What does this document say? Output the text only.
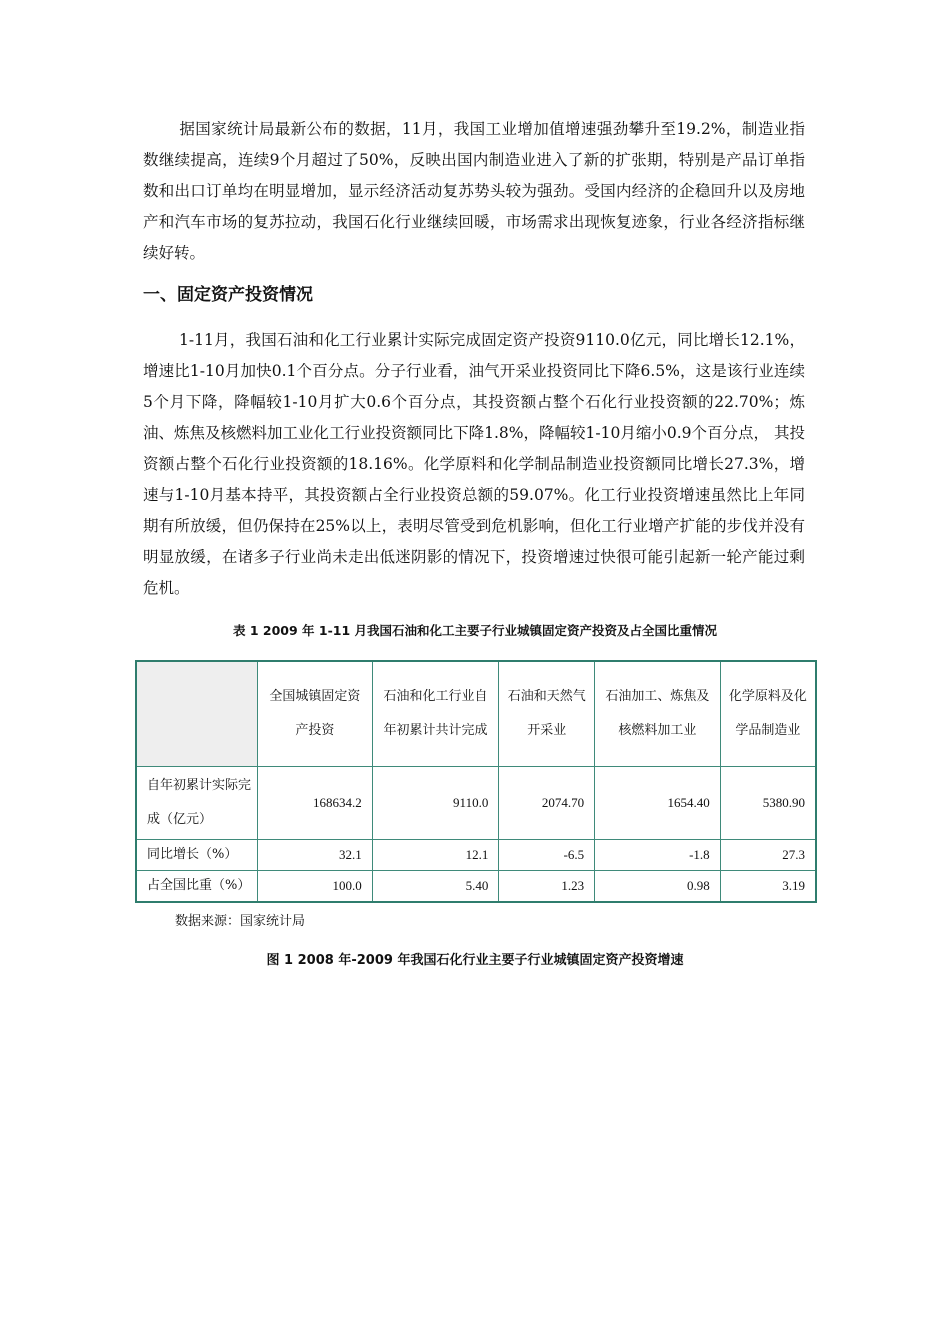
据国家统计局最新公布的数据，11月，我国工业增加值增速强劲攀升至19.2%，制造业指数继续提高，连续9个月超过了50%，反映出国内制造业进入了新的扩张期，特别是产品订单指数和出口订单均在明显增加，显示经济活动复苏势头较为强劲。受国内经济的企稳回升以及房地产和汽车市场的复苏拉动，我国石化行业继续回暖，市场需求出现恢复迹象，行业各经济指标继续好转。

一、固定资产投资情况

1-11月，我国石油和化工行业累计实际完成固定资产投资9110.0亿元，同比增长12.1%，增速比1-10月加快0.1个百分点。分子行业看，油气开采业投资同比下降6.5%，这是该行业连续5个月下降，降幅较1-10月扩大0.6个百分点，其投资额占整个石化行业投资额的22.70%；炼油、炼焦及核燃料加工业化工行业投资额同比下降1.8%，降幅较1-10月缩小0.9个百分点， 其投资额占整个石化行业投资额的18.16%。化学原料和化学制品制造业投资额同比增长27.3%，增速与1-10月基本持平，其投资额占全行业投资总额的59.07%。化工行业投资增速虽然比上年同期有所放缓，但仍保持在25%以上，表明尽管受到危机影响，但化工行业增产扩能的步伐并没有明显放缓，在诸多子行业尚未走出低迷阴影的情况下，投资增速过快很可能引起新一轮产能过剩危机。

表 1 2009 年 1-11 月我国石油和化工主要子行业城镇固定资产投资及占全国比重情况

	全国城镇固定资产投资	石油和化工行业自年初累计共计完成	石油和天然气开采业	石油加工、炼焦及核燃料加工业	化学原料及化学品制造业
自年初累计实际完成（亿元）	168634.2	9110.0	2074.70	1654.40	5380.90
同比增长（%）	32.1	12.1	-6.5	-1.8	27.3
占全国比重（%）	100.0	5.40	1.23	0.98	3.19

数据来源：国家统计局

图 1 2008 年-2009 年我国石化行业主要子行业城镇固定资产投资增速
